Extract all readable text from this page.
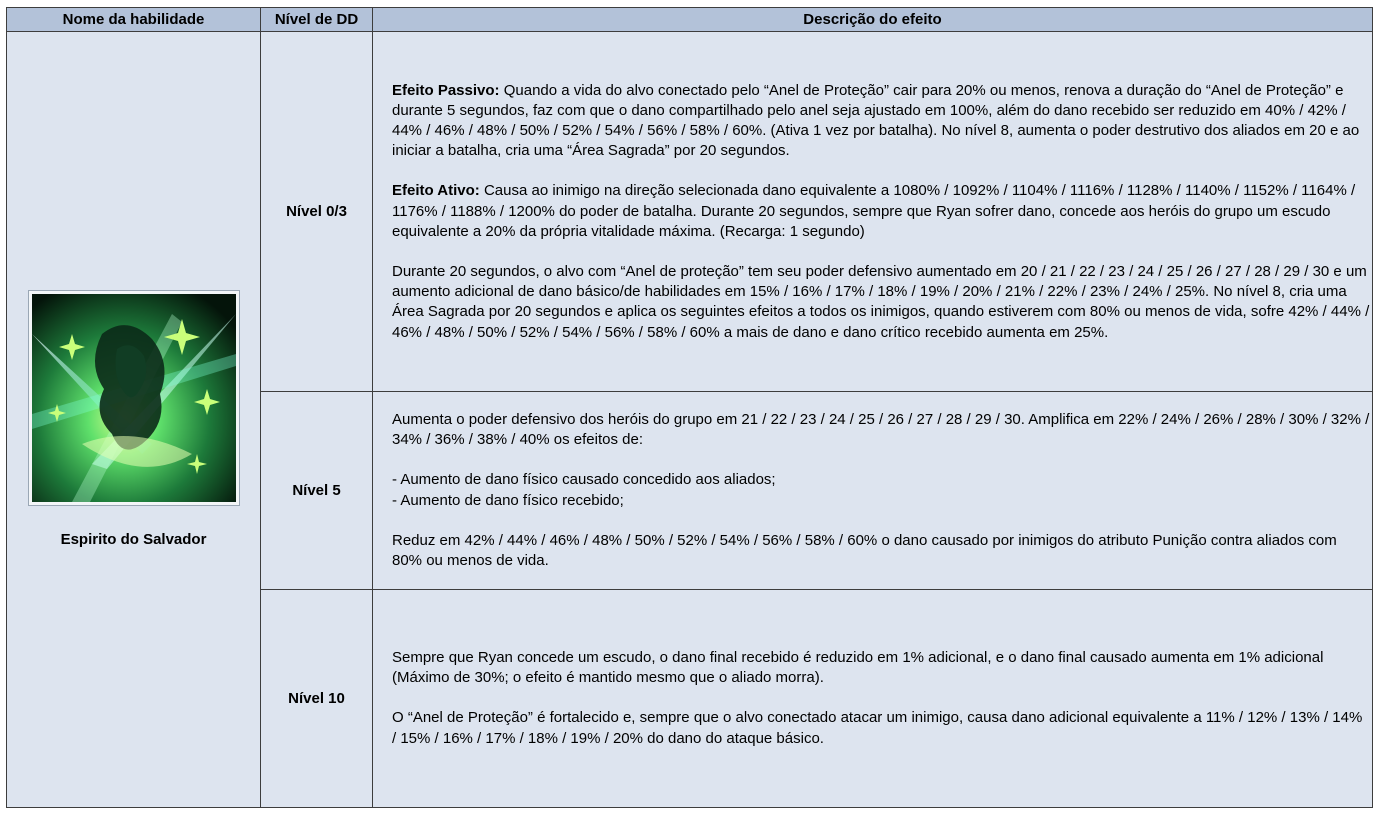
Nome da habilidade	Nível de DD	Descrição do efeito

Espirito do Salvador	Nível 0/3	Efeito Passivo: Quando a vida do alvo conectado pelo “Anel de Proteção” cair para 20% ou menos, renova a duração do “Anel de Proteção” e durante 5 segundos, faz com que o dano compartilhado pelo anel seja ajustado em 100%, além do dano recebido ser reduzido em 40% / 42% / 44% / 46% / 48% / 50% / 52% / 54% / 56% / 58% / 60%. (Ativa 1 vez por batalha). No nível 8, aumenta o poder destrutivo dos aliados em 20 e ao iniciar a batalha, cria uma “Área Sagrada” por 20 segundos.

Efeito Ativo: Causa ao inimigo na direção selecionada dano equivalente a 1080% / 1092% / 1104% / 1116% / 1128% / 1140% / 1152% / 1164% / 1176% / 1188% / 1200% do poder de batalha. Durante 20 segundos, sempre que Ryan sofrer dano, concede aos heróis do grupo um escudo equivalente a 20% da própria vitalidade máxima. (Recarga: 1 segundo)

Durante 20 segundos, o alvo com “Anel de proteção” tem seu poder defensivo aumentado em 20 / 21 / 22 / 23 / 24 / 25 / 26 / 27 / 28 / 29 / 30 e um aumento adicional de dano básico/de habilidades em 15% / 16% / 17% / 18% / 19% / 20% / 21% / 22% / 23% / 24% / 25%. No nível 8, cria uma Área Sagrada por 20 segundos e aplica os seguintes efeitos a todos os inimigos, quando estiverem com 80% ou menos de vida, sofre 42% / 44% / 46% / 48% / 50% / 52% / 54% / 56% / 58% / 60% a mais de dano e dano crítico recebido aumenta em 25%.

	Nível 5	Aumenta o poder defensivo dos heróis do grupo em 21 / 22 / 23 / 24 / 25 / 26 / 27 / 28 / 29 / 30. Amplifica em 22% / 24% / 26% / 28% / 30% / 32% / 34% / 36% / 38% / 40% os efeitos de:

- Aumento de dano físico causado concedido aos aliados;
- Aumento de dano físico recebido;

Reduz em 42% / 44% / 46% / 48% / 50% / 52% / 54% / 56% / 58% / 60% o dano causado por inimigos do atributo Punição contra aliados com 80% ou menos de vida.

	Nível 10	Sempre que Ryan concede um escudo, o dano final recebido é reduzido em 1% adicional, e o dano final causado aumenta em 1% adicional (Máximo de 30%; o efeito é mantido mesmo que o aliado morra).

O “Anel de Proteção” é fortalecido e, sempre que o alvo conectado atacar um inimigo, causa dano adicional equivalente a 11% / 12% / 13% / 14% / 15% / 16% / 17% / 18% / 19% / 20% do dano do ataque básico.
